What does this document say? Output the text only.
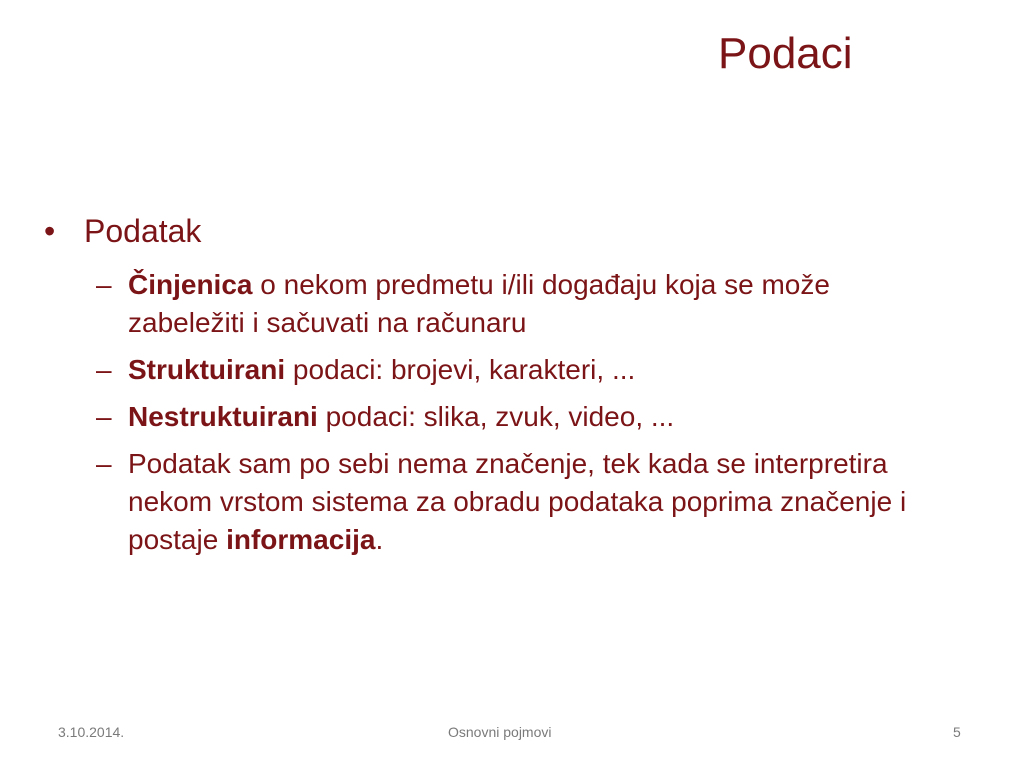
Podaci
• Podatak
– Činjenica o nekom predmetu i/ili događaju koja se može zabeležiti i sačuvati na računaru
– Struktuirani podaci: brojevi, karakteri, ...
– Nestruktuirani podaci: slika, zvuk, video, ...
– Podatak sam po sebi nema značenje, tek kada se interpretira nekom vrstom sistema za obradu podataka poprima značenje i postaje informacija.
3.10.2014.	Osnovni pojmovi	5
